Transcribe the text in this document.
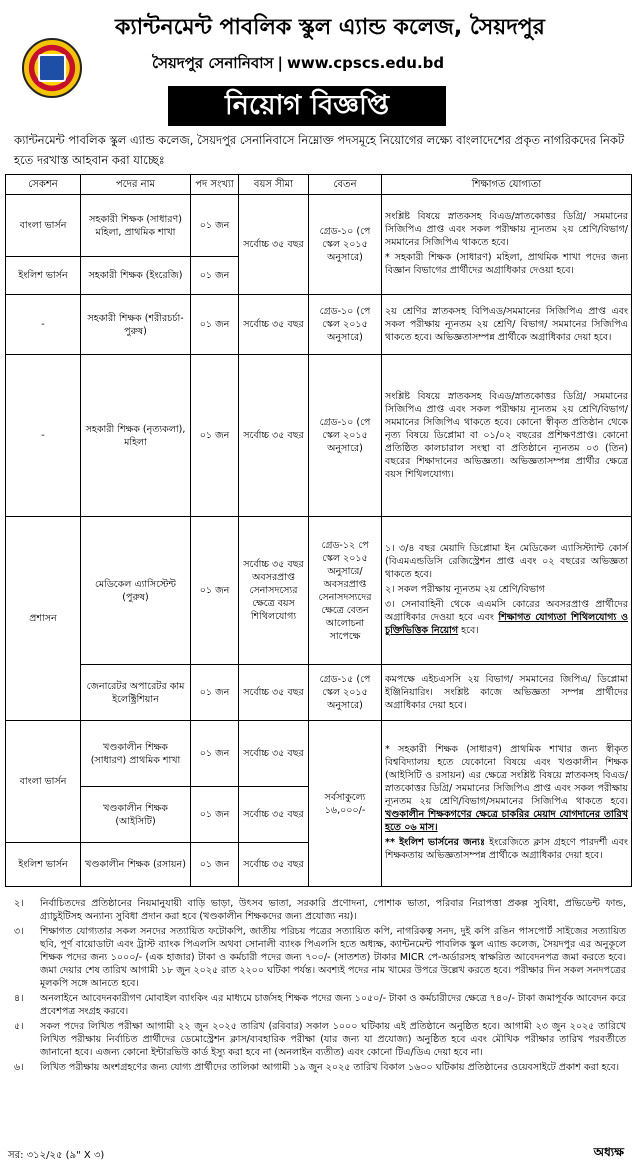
ক্যান্টনমেন্ট পাবলিক স্কুল এ্যান্ড কলেজ, সৈয়দপুর
সৈয়দপুর সেনানিবাস | www.cpscs.edu.bd
নিয়োগ বিজ্ঞপ্তি
ক্যান্টনমেন্ট পাবলিক স্কুল এ্যান্ড কলেজ, সৈয়দপুর সেনানিবাসে নিম্নোক্ত পদসমূহে নিয়োগের লক্ষ্যে বাংলাদেশের প্রকৃত নাগরিকদের নিকট হতে দরখাস্ত আহবান করা যাচ্ছেঃ
সেকশন	পদের নাম	পদ সংখ্যা	বয়স সীমা	বেতন	শিক্ষাগত যোগ্যতা
বাংলা ভার্সন	সহকারী শিক্ষক (সাধারণ) মহিলা, প্রাথমিক শাখা	০১ জন	সর্বোচ্চ ৩৫ বছর	গ্রেড-১০ (পে স্কেল ২০১৫ অনুসারে)	সংশ্লিষ্ট বিষয়ে স্নাতকসহ বিএড/স্নাতকোত্তর ডিগ্রি/ সমমানের সিজিপিএ প্রাপ্ত এবং সকল পরীক্ষায় ন্যূনতম ২য় শ্রেণি/বিভাগ/সমমানের সিজিপিএ থাকতে হবে।

* সহকারী শিক্ষক (সাধারণ) মহিলা, প্রাথমিক শাখা পদের জন্য বিজ্ঞান বিভাগের প্রার্থীদের অগ্রাধিকার দেওয়া হবে।

ইংলিশ ভার্সন	সহকারী শিক্ষক (ইংরেজি)	০১ জন			
-	সহকারী শিক্ষক (শরীরচর্চা-পুরুষ)	০১ জন	সর্বোচ্চ ৩৫ বছর	গ্রেড-১০ (পে স্কেল ২০১৫ অনুসারে)	২য় শ্রেণির স্নাতকসহ বিপিএড/সমমানের সিজিপিএ প্রাপ্ত এবং সকল পরীক্ষায় ন্যূনতম ২য় শ্রেণি/ বিভাগ/ সমমানের সিজিপিএ থাকতে হবে। অভিজ্ঞতাসম্পন্ন প্রার্থীকে অগ্রাধিকার দেয়া হবে।
-	সহকারী শিক্ষক (নৃত্যকলা), মহিলা	০১ জন	সর্বোচ্চ ৩৫ বছর	গ্রেড-১০ (পে স্কেল ২০১৫ অনুসারে)	সংশ্লিষ্ট বিষয়ে স্নাতকসহ বিএড/স্নাতকোত্তর ডিগ্রি/ সমমানের সিজিপিএ প্রাপ্ত এবং সকল পরীক্ষায় ন্যূনতম ২য় শ্রেণি/বিভাগ/সমমানের সিজিপিএ থাকতে হবে। কোনো স্বীকৃত প্রতিষ্ঠান থেকে নৃত্য বিষয়ে ডিপ্লোমা বা ০১/০২ বছরের প্রশিক্ষণপ্রাপ্ত। কোনো প্রতিষ্ঠিত কালচারাল সংস্থা বা প্রতিষ্ঠানে ন্যূনতম ০৩ (তিন) বছরের শিক্ষাদানের অভিজ্ঞতা। অভিজ্ঞতাসম্পন্ন প্রার্থীর ক্ষেত্রে বয়স শিথিলযোগ্য।
প্রশাসন	মেডিকেল এ্যাসিস্টেন্ট (পুরুষ)	০১ জন	সর্বোচ্চ ৩৫ বছর অবসরপ্রাপ্ত সেনাসদস্যের ক্ষেত্রে বয়স শিথিলযোগ্য	গ্রেড-১২ পে স্কেল ২০১৫ অনুসারে/ অবসরপ্রাপ্ত সেনাসদস্যদের ক্ষেত্রে বেতন আলোচনা সাপেক্ষে	১। ৩/৪ বছর মেয়াদি ডিপ্লোমা ইন মেডিকেল এ্যাসিস্ট্যান্ট কোর্স (বিএমএন্ডডিসি রেজিস্ট্রেশন প্রাপ্ত এবং ০২ বছরের অভিজ্ঞতা থাকতে হবে।

২। সকল পরীক্ষায় ন্যূনতম ২য় শ্রেণি/বিভাগ

৩। সেনাবাহিনী থেকে এএমসি কোরের অবসরপ্রাপ্ত প্রার্থীদের অগ্রাধিকার দেওয়া হবে এবং শিক্ষাগত যোগ্যতা শিথিলযোগ্য ও চুক্তিভিত্তিক নিয়োগ হবে।

	জেনারেটর অপারেটর কাম ইলেক্ট্রিশিয়ান	০১ জন	সর্বোচ্চ ৩৫ বছর	গ্রেড-১৫ (পে স্কেল ২০১৫ অনুসারে)	কমপক্ষে এইচএসসি ২য় বিভাগ/ সমমানের জিপিএ/ ডিপ্লোমা ইঞ্জিনিয়ারিং। সংশ্লিষ্ট কাজে অভিজ্ঞতা সম্পন্ন প্রার্থীদের অগ্রাধিকার দেয়া হবে।
বাংলা ভার্সন	খণ্ডকালীন শিক্ষক (সাধারণ) প্রাথমিক শাখা	০১ জন	সর্বোচ্চ ৩৫ বছর	সর্বসাকুল্যে ১৬,০০০/-	* সহকারী শিক্ষক (সাধারণ) প্রাথমিক শাখার জন্য স্বীকৃত বিশ্ববিদ্যালয় হতে যেকোনো বিষয়ে এবং খণ্ডকালীন শিক্ষক (আইসিটি ও রসায়ন) এর ক্ষেত্রে সংশ্লিষ্ট বিষয়ে স্নাতকসহ বিএড/স্নাতকোত্তর ডিগ্রি/ সমমানের সিজিপিএ প্রাপ্ত এবং সকল পরীক্ষায় ন্যূনতম ২য় শ্রেণি/বিভাগ/সমমানের সিজিপিএ থাকতে হবে। খণ্ডকালীন শিক্ষকগণের ক্ষেত্রে চাকরির মেয়াদ যোগদানের তারিখ হতে ০৬ মাস।

** ইংলিশ ভার্সনের জন্যঃ ইংরেজিতে ক্লাস গ্রহণে পারদর্শী এবং শিক্ষকতায় অভিজ্ঞতাসম্পন্ন প্রার্থীকে অগ্রাধিকার দেয়া হবে।

	খণ্ডকালীন শিক্ষক (আইসিটি)	০১ জন	সর্বোচ্চ ৩৫ বছর		
ইংলিশ ভার্সন	খণ্ডকালীন শিক্ষক (রসায়ন)	০১ জন	সর্বোচ্চ ৩৫ বছর		
২।	নির্বাচিতদের প্রতিষ্ঠানের নিয়মানুযায়ী বাড়ি ভাড়া, উৎসব ভাতা, সরকারি প্রণোদনা, পোশাক ভাতা, পরিবার নিরাপত্তা প্রকল্প সুবিধা, প্রভিডেন্ট ফান্ড, গ্র্যাচুইটিসহ অন্যান্য সুবিধা প্রদান করা হবে (খণ্ডকালীন শিক্ষকদের জন্য প্রযোজ্য নয়)।
৩।	শিক্ষাগত যোগ্যতার সকল সনদের সত্যায়িত ফটোকপি, জাতীয় পরিচয় পত্রের সত্যায়িত কপি, নাগরিকত্ব সনদ, দুই কপি রঙিন পাসপোর্ট সাইজের সত্যায়িত ছবি, পূর্ণ বায়োডাটা এবং ট্রাস্ট ব্যাংক পিএলসি অথবা সোনালী ব্যাংক পিএলসি হতে অধ্যক্ষ, ক্যান্টনমেন্ট পাবলিক স্কুল এ্যান্ড কলেজ, সৈয়দপুর এর অনুকূলে শিক্ষক পদের জন্য ১০০০/- (এক হাজার) টাকা ও কর্মচারী পদের জন্য ৭০০/- (সাতশত) টাকার MICR পে-অর্ডারসহ স্বাক্ষরিত আবেদনপত্র জমা করতে হবে। জমা দেয়ার শেষ তারিখ আগামী ১৮ জুন ২০২৫ রাত ২২০০ ঘটিকা পর্যন্ত। অবশ্যই পদের নাম খামের উপরে উল্লেখ করতে হবে। পরীক্ষার দিন সকল সনদপত্রের মূলকপি সঙ্গে আনতে হবে।
৪।	অনলাইনে আবেদনকারীগণ মোবাইল ব্যাংকিং এর মাধ্যমে চার্জসহ শিক্ষক পদের জন্য ১০৫০/- টাকা ও কর্মচারীদের ক্ষেত্রে ৭৪০/- টাকা জমাপূর্বক আবেদন করে প্রবেশপত্র সংগ্রহ করবে।
৫।	সকল পদের লিখিত পরীক্ষা আগামী ২২ জুন ২০২৫ তারিখ (রবিবার) সকাল ১০০০ ঘটিকায় এই প্রতিষ্ঠানে অনুষ্ঠিত হবে। আগামী ২৩ জুন ২০২৫ তারিখে লিখিত পরীক্ষায় নির্বাচিত প্রার্থীদের ডেমোস্ট্রেশন ক্লাস/ব্যবহারিক পরীক্ষা (যার জন্য যা প্রযোজ্য) অনুষ্ঠিত হবে এবং মৌখিক পরীক্ষার তারিখ পরবর্তীতে জানানো হবে। এজন্য কোনো ইন্টারভিউ কার্ড ইস্যু করা হবে না (অনলাইন ব্যতীত) এবং কোনো টিএ/ডিএ দেয়া হবে না।
৬।	লিখিত পরীক্ষায় অংশগ্রহণের জন্য যোগ্য প্রার্থীদের তালিকা আগামী ১৯ জুন ২০২৫ তারিখ বিকাল ১৬০০ ঘটিকায় প্রতিষ্ঠানের ওয়েবসাইটে প্রকাশ করা হবে।
সর: ৩১২/২৫ (৯" X ৩)	অধ্যক্ষ
